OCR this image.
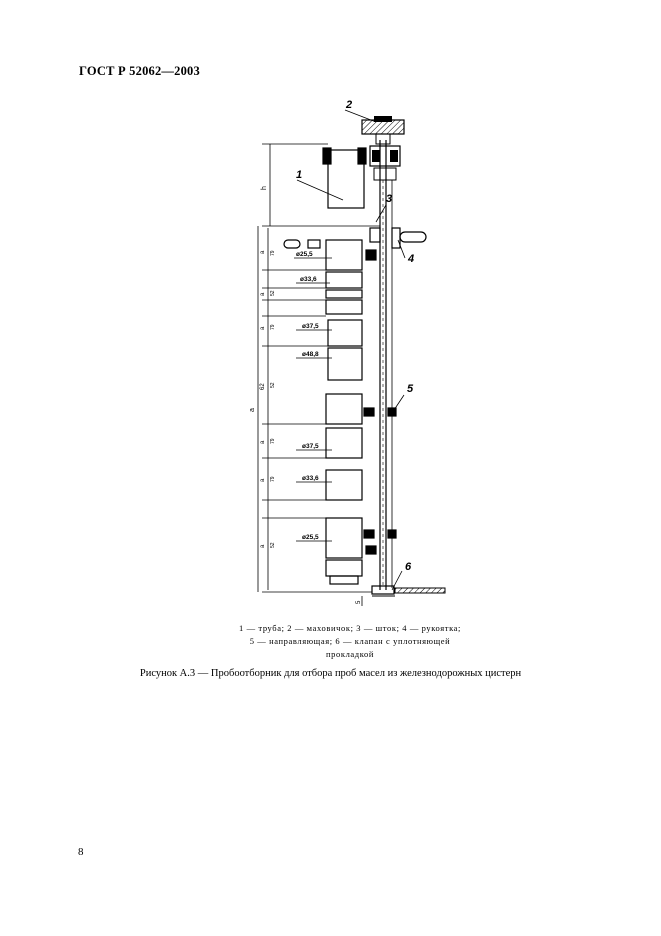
ГОСТ Р 52062—2003
1
2
3
4
5
6
h
a
5
a 79
a 52
a 79
62 52
a 79
a 79
a 52
ø25,5
ø33,6
ø37,5
ø48,8
ø37,5
ø33,6
ø25,5
1 — труба; 2 — маховичок; 3 — шток; 4 — рукоятка;
5 — направляющая; 6 — клапан с уплотняющей
прокладкой
Рисунок А.3 — Пробоотборник для отбора проб масел из железнодорожных цистерн
8
